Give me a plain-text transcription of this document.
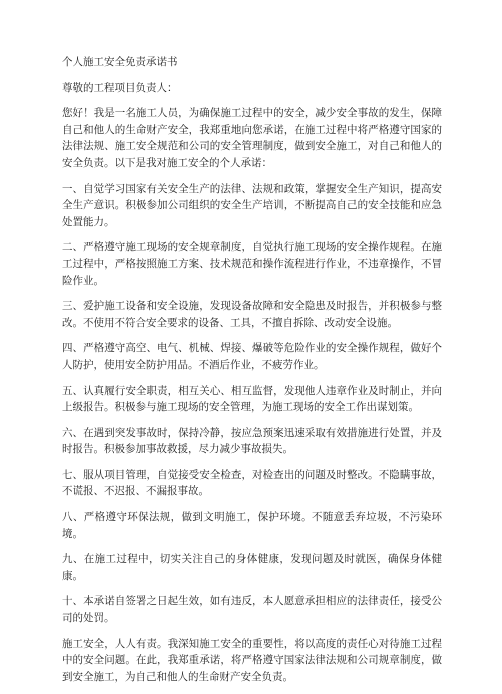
个人施工安全免责承诺书

尊敬的工程项目负责人：

您好！我是一名施工人员，为确保施工过程中的安全，减少安全事故的发生，保障自己和他人的生命财产安全，我郑重地向您承诺，在施工过程中将严格遵守国家的法律法规、施工安全规范和公司的安全管理制度，做到安全施工，对自己和他人的安全负责。以下是我对施工安全的个人承诺：

一、自觉学习国家有关安全生产的法律、法规和政策，掌握安全生产知识，提高安全生产意识。积极参加公司组织的安全生产培训，不断提高自己的安全技能和应急处置能力。

二、严格遵守施工现场的安全规章制度，自觉执行施工现场的安全操作规程。在施工过程中，严格按照施工方案、技术规范和操作流程进行作业，不违章操作，不冒险作业。

三、爱护施工设备和安全设施，发现设备故障和安全隐患及时报告，并积极参与整改。不使用不符合安全要求的设备、工具，不擅自拆除、改动安全设施。

四、严格遵守高空、电气、机械、焊接、爆破等危险作业的安全操作规程，做好个人防护，使用安全防护用品。不酒后作业，不疲劳作业。

五、认真履行安全职责，相互关心、相互监督，发现他人违章作业及时制止，并向上级报告。积极参与施工现场的安全管理，为施工现场的安全工作出谋划策。

六、在遇到突发事故时，保持冷静，按应急预案迅速采取有效措施进行处置，并及时报告。积极参加事故救援，尽力减少事故损失。

七、服从项目管理，自觉接受安全检查，对检查出的问题及时整改。不隐瞒事故，不谎报、不迟报、不漏报事故。

八、严格遵守环保法规，做到文明施工，保护环境。不随意丢弃垃圾，不污染环境。

九、在施工过程中，切实关注自己的身体健康，发现问题及时就医，确保身体健康。

十、本承诺自签署之日起生效，如有违反，本人愿意承担相应的法律责任，接受公司的处罚。

施工安全，人人有责。我深知施工安全的重要性，将以高度的责任心对待施工过程中的安全问题。在此，我郑重承诺，将严格遵守国家法律法规和公司规章制度，做到安全施工，为自己和他人的生命财产安全负责。
